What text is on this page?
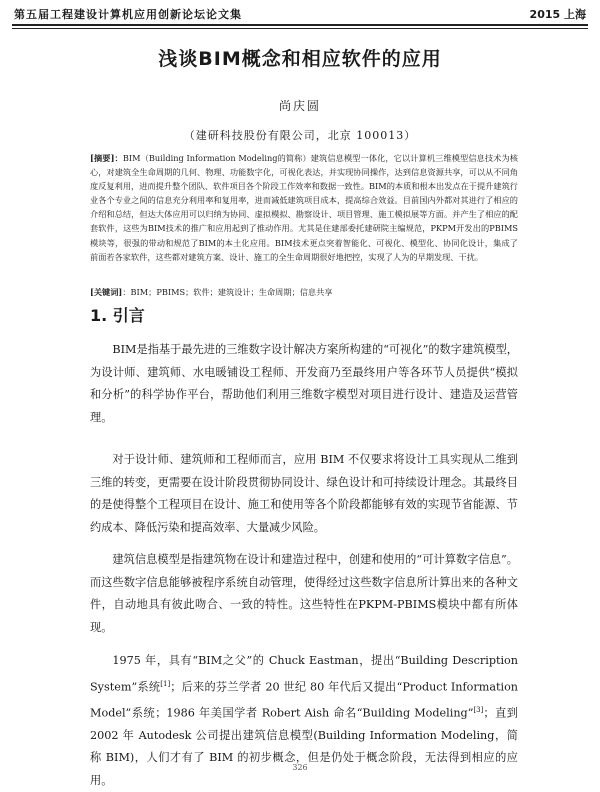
第五届工程建设计算机应用创新论坛论文集	2015 上海
浅谈BIM概念和相应软件的应用
尚庆圆
（建研科技股份有限公司，北京 100013）
[摘要]：BIM（Building Information Modeling的简称）建筑信息模型一体化，它以计算机三维模型信息技术为核心，对建筑全生命周期的几何、物理、功能数字化，可视化表达，并实现协同操作，达到信息资源共享，可以从不同角度反复利用，进而提升整个团队、软件项目各个阶段工作效率和数据一致性。BIM的本质和根本出发点在于提升建筑行业各个专业之间的信息充分利用率和复用率，进而减低建筑项目成本，提高综合效益。目前国内外都对其进行了相应的介绍和总结，但达大体应用可以归纳为协同、虚拟模拟、勘察设计、项目管理、施工模拟展等方面。并产生了相应的配套软件，这些为BIM技术的推广和应用起到了推动作用。尤其是住建部委托建研院主编规范，PKPM开发出的PBIMS模块等，很强的带动和规范了BIM的本土化应用。BIM技术更点突着智能化、可视化、模型化、协同化设计，集成了前面若各家软件，这些都对建筑方案、设计、施工的全生命周期很好地把控，实现了人为的早期发现、干扰。
[关键词]：BIM；PBIMS；软件；建筑设计；生命周期；信息共享
1. 引言
BIM是指基于最先进的三维数字设计解决方案所构建的“可视化”的数字建筑模型，为设计师、建筑师、水电暖铺设工程师、开发商乃至最终用户等各环节人员提供“模拟和分析”的科学协作平台，帮助他们利用三维数字模型对项目进行设计、建造及运营管理。
对于设计师、建筑师和工程师而言，应用 BIM 不仅要求将设计工具实现从二维到三维的转变，更需要在设计阶段贯彻协同设计、绿色设计和可持续设计理念。其最终目的是使得整个工程项目在设计、施工和使用等各个阶段都能够有效的实现节省能源、节约成本、降低污染和提高效率、大量减少风险。
建筑信息模型是指建筑物在设计和建造过程中，创建和使用的“可计算数字信息”。而这些数字信息能够被程序系统自动管理，使得经过这些数字信息所计算出来的各种文件，自动地具有彼此吻合、一致的特性。这些特性在PKPM-PBIMS模块中都有所体现。
1975 年，具有“BIM之父”的 Chuck Eastman，提出“Building Description System”系统[1]；后来的芬兰学者 20 世纪 80 年代后又提出“Product Information Model”系统；1986 年美国学者 Robert Aish 命名“Building Modeling”[3]；直到 2002 年 Autodesk 公司提出建筑信息模型(Building Information Modeling，简称 BIM)，人们才有了 BIM 的初步概念，但是仍处于概念阶段，无法得到相应的应用。
326
